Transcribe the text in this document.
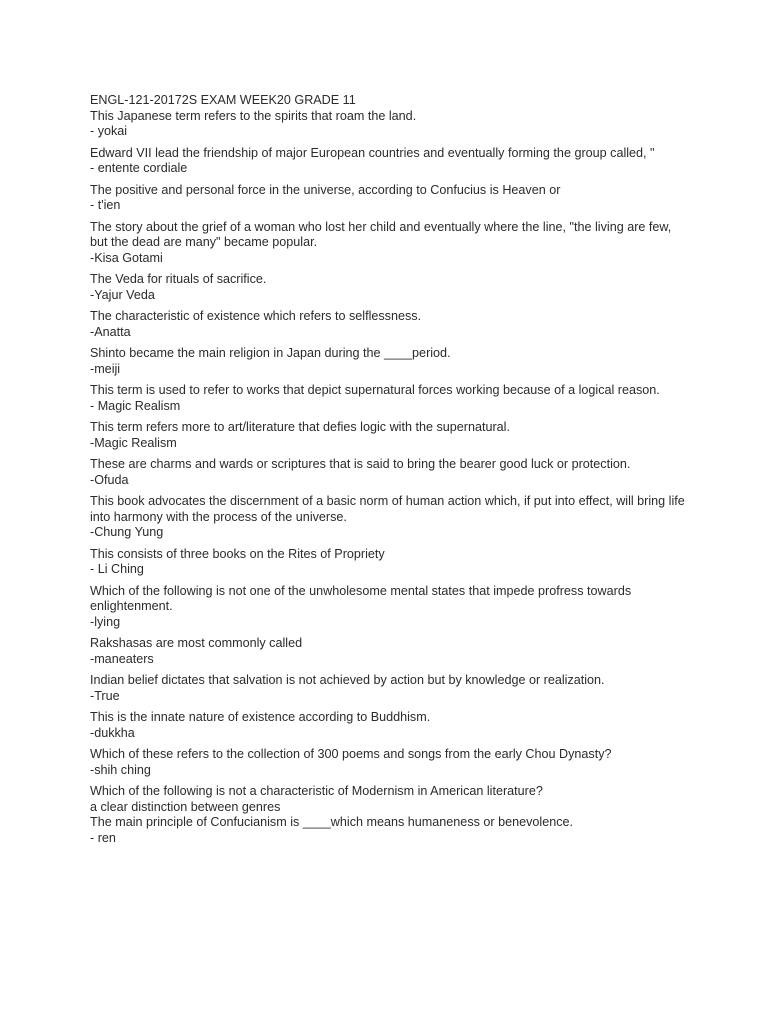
ENGL-121-20172S EXAM WEEK20 GRADE 11
This Japanese term refers to the spirits that roam the land.
- yokai
Edward VII lead the friendship of major European countries and eventually forming the group called, "
- entente cordiale
The positive and personal force in the universe, according to Confucius is Heaven or
- t'ien
The story about the grief of a woman who lost her child and eventually where the line, "the living are few, but the dead are many" became popular.
-Kisa Gotami
The Veda for rituals of sacrifice.
-Yajur Veda
The characteristic of existence which refers to selflessness.
-Anatta
Shinto became the main religion in Japan during the ____period.
-meiji
This term is used to refer to works that depict supernatural forces working because of a logical reason.
- Magic Realism
This term refers more to art/literature that defies logic with the supernatural.
-Magic Realism
These are charms and wards or scriptures that is said to bring the bearer good luck or protection.
-Ofuda
This book advocates the discernment of a basic norm of human action which, if put into effect, will bring life into harmony with the process of the universe.
-Chung Yung
This consists of three books on the Rites of Propriety
- Li Ching
Which of the following is not one of the unwholesome mental states that impede profress towards enlightenment.
-lying
Rakshasas are most commonly called
-maneaters
Indian belief dictates that salvation is not achieved by action but by knowledge or realization.
-True
This is the innate nature of existence according to Buddhism.
-dukkha
Which of these refers to the collection of 300 poems and songs from the early Chou Dynasty?
-shih ching
Which of the following is not a characteristic of Modernism in American literature?
a clear distinction between genres
The main principle of Confucianism is ____which means humaneness or benevolence.
- ren
